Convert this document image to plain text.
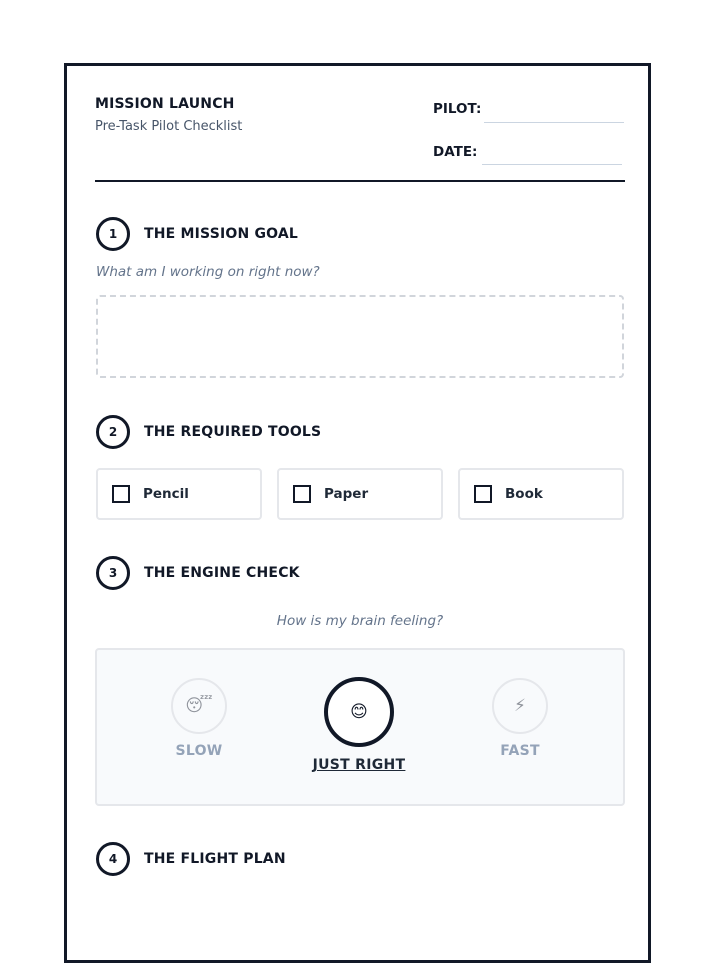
MISSION LAUNCH
Pre-Task Pilot Checklist
PILOT:
DATE:
1	THE MISSION GOAL
What am I working on right now?
2	THE REQUIRED TOOLS
Pencil	Paper	Book
3	THE ENGINE CHECK
How is my brain feeling?
😴
SLOW
😊
JUST RIGHT
⚡
FAST
4	THE FLIGHT PLAN
